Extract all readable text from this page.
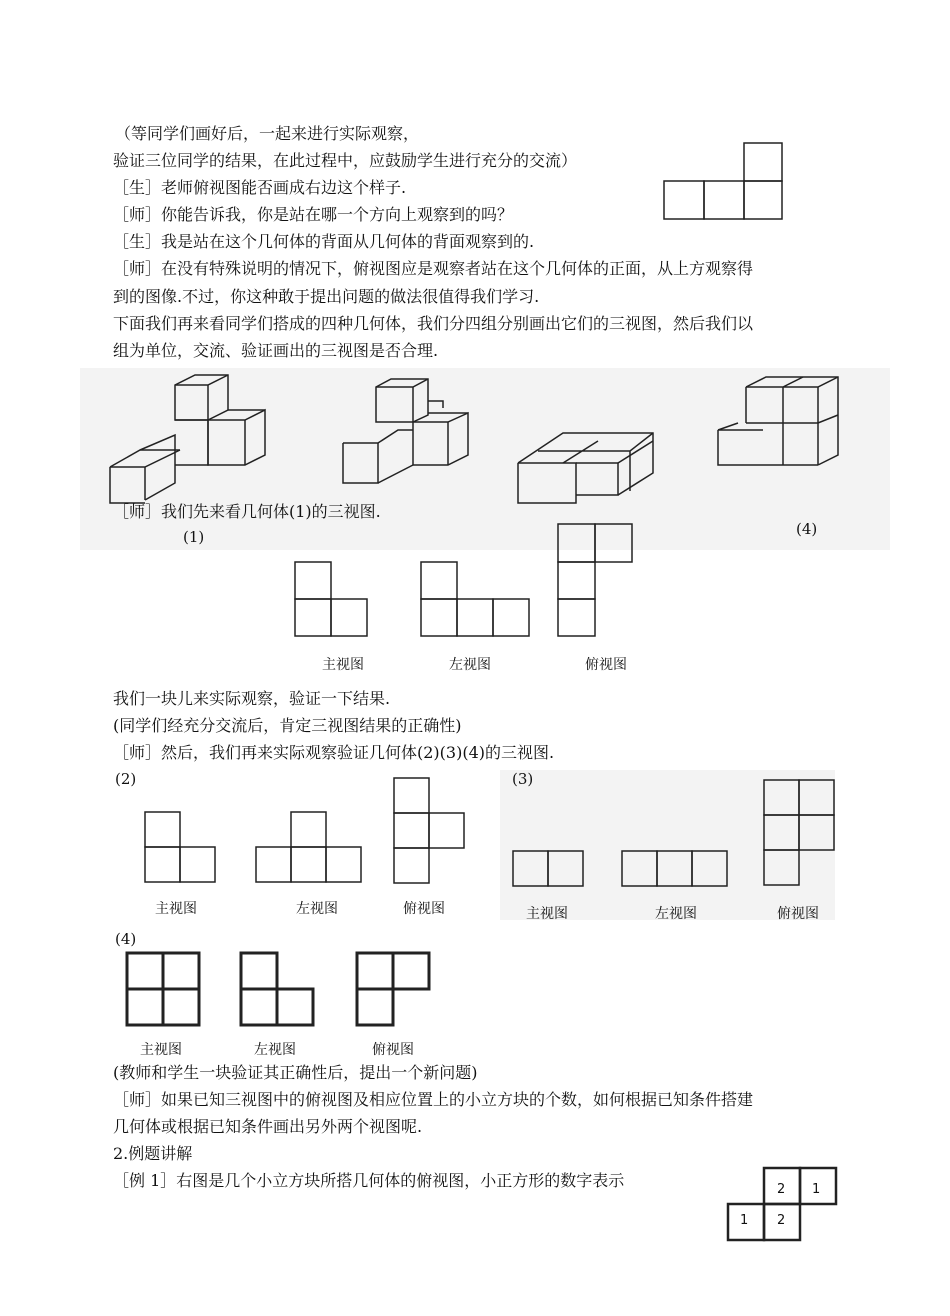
（等同学们画好后，一起来进行实际观察，
验证三位同学的结果，在此过程中，应鼓励学生进行充分的交流）
［生］老师俯视图能否画成右边这个样子.
［师］你能告诉我，你是站在哪一个方向上观察到的吗？
［生］我是站在这个几何体的背面从几何体的背面观察到的.
［师］在没有特殊说明的情况下，俯视图应是观察者站在这个几何体的正面，从上方观察得
到的图像.不过，你这种敢于提出问题的做法很值得我们学习.
下面我们再来看同学们搭成的四种几何体，我们分四组分别画出它们的三视图，然后我们以
组为单位，交流、验证画出的三视图是否合理.
(1)	(4)
［师］我们先来看几何体(1)的三视图.
主视图	左视图	俯视图
我们一块儿来实际观察，验证一下结果.
(同学们经充分交流后，肯定三视图结果的正确性)
［师］然后，我们再来实际观察验证几何体(2)(3)(4)的三视图.
(2)
主视图	左视图	俯视图
(3)
主视图	左视图	俯视图
(4)
主视图	左视图	俯视图
(教师和学生一块验证其正确性后，提出一个新问题)
［师］如果已知三视图中的俯视图及相应位置上的小立方块的个数，如何根据已知条件搭建
几何体或根据已知条件画出另外两个视图呢.
2.例题讲解
［例 1］右图是几个小立方块所搭几何体的俯视图，小正方形的数字表示	2 1
1 2
